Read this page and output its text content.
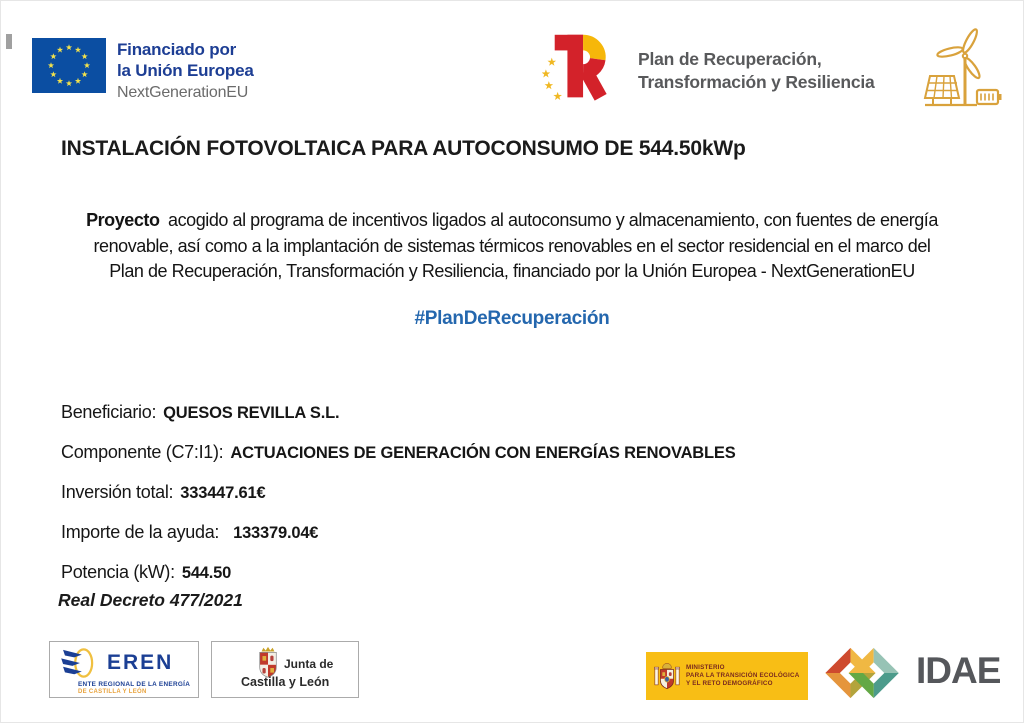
Financiado por
la Unión Europea
NextGenerationEU
Plan de Recuperación,
Transformación y Resiliencia
INSTALACIÓN FOTOVOLTAICA PARA AUTOCONSUMO DE 544.50kWp
Proyecto acogido al programa de incentivos ligados al autoconsumo y almacenamiento, con fuentes de energía
renovable, así como a la implantación de sistemas térmicos renovables en el sector residencial en el marco del
Plan de Recuperación, Transformación y Resiliencia, financiado por la Unión Europea - NextGenerationEU
#PlanDeRecuperación
Beneficiario: QUESOS REVILLA S.L.
Componente (C7:I1): ACTUACIONES DE GENERACIÓN CON ENERGÍAS RENOVABLES
Inversión total: 333447.61€
Importe de la ayuda: 133379.04€
Potencia (kW): 544.50
Real Decreto 477/2021
EREN
ENTE REGIONAL DE LA ENERGÍA
DE CASTILLA Y LEÓN
Junta de
Castilla y León
MINISTERIO
PARA LA TRANSICIÓN ECOLÓGICA
Y EL RETO DEMOGRÁFICO	IDAE
